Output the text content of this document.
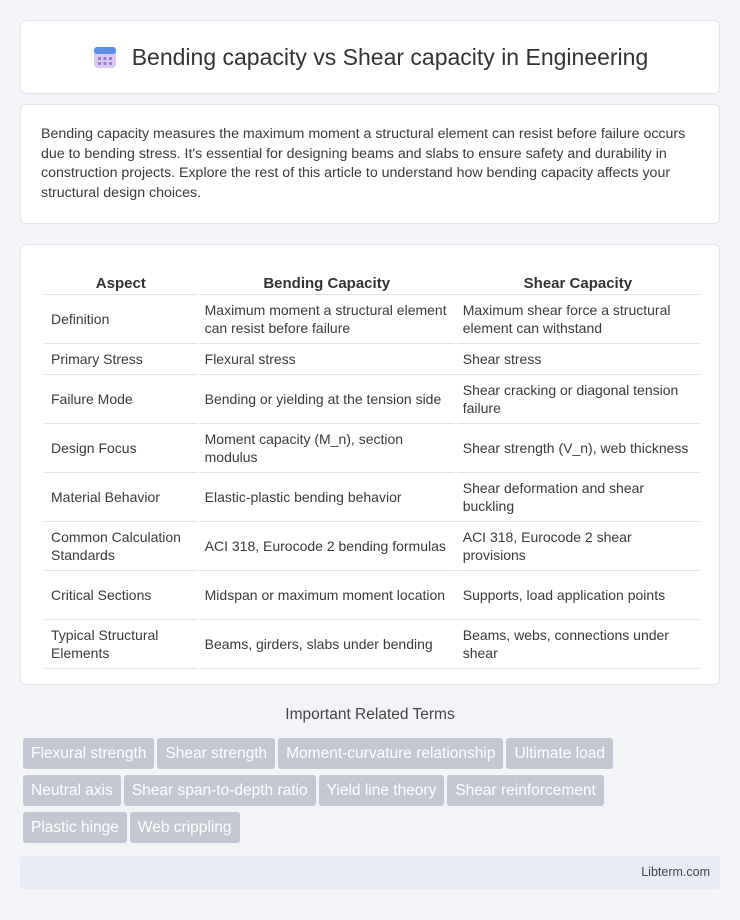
Bending capacity vs Shear capacity in Engineering

Bending capacity measures the maximum moment a structural element can resist before failure occurs due to bending stress. It's essential for designing beams and slabs to ensure safety and durability in construction projects. Explore the rest of this article to understand how bending capacity affects your structural design choices.

Aspect	Bending Capacity	Shear Capacity
Definition	Maximum moment a structural element can resist before failure	Maximum shear force a structural element can withstand
Primary Stress	Flexural stress	Shear stress
Failure Mode	Bending or yielding at the tension side	Shear cracking or diagonal tension failure
Design Focus	Moment capacity (M_n), section modulus	Shear strength (V_n), web thickness
Material Behavior	Elastic-plastic bending behavior	Shear deformation and shear buckling
Common Calculation Standards	ACI 318, Eurocode 2 bending formulas	ACI 318, Eurocode 2 shear provisions
Critical Sections	Midspan or maximum moment location	Supports, load application points
Typical Structural Elements	Beams, girders, slabs under bending	Beams, webs, connections under shear
Important Related Terms
Flexural strength Shear strength Moment-curvature relationship Ultimate load
Neutral axis Shear span-to-depth ratio Yield line theory Shear reinforcement
Plastic hinge Web crippling
Libterm.com
